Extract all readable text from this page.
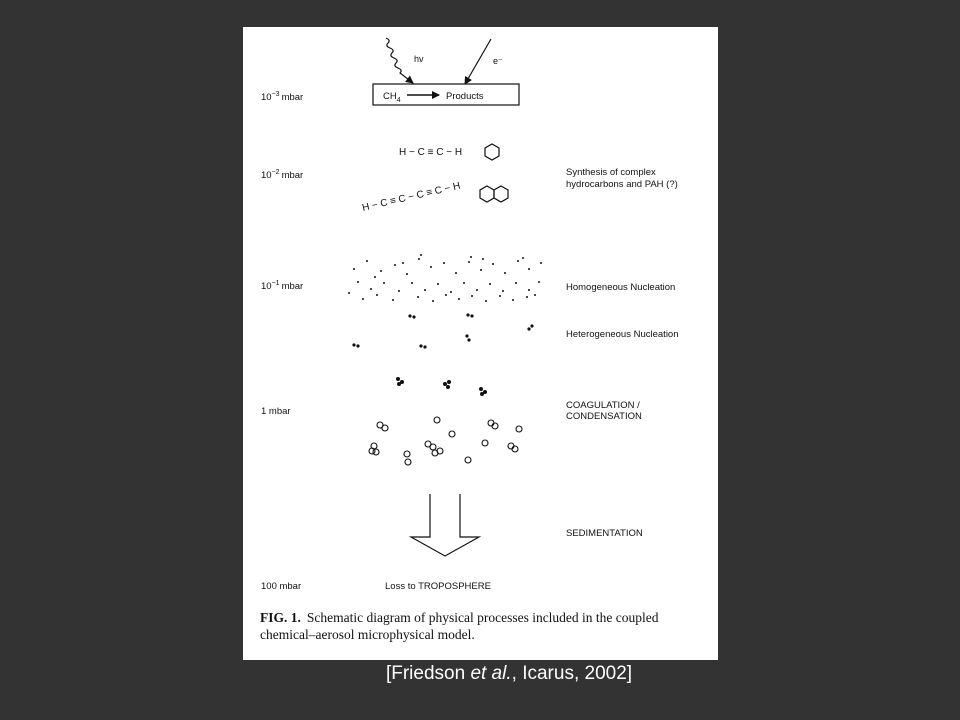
$10^{-3}$ mbar
$10^{-2}$ mbar
$10^{-1}$ mbar
1 mbar
100 mbar
hv	e⁻
$CH_4$	Products
H − C ≡ C − H
H − C ≡ C − C ≡ C − H
Synthesis of complex
hydrocarbons and PAH (?)
Homogeneous Nucleation
Heterogeneous Nucleation
COAGULATION /
CONDENSATION
SEDIMENTATION
Loss to TROPOSPHERE
FIG. 1. Schematic diagram of physical processes included in the coupled chemical–aerosol microphysical model.
[Friedson et al., Icarus, 2002]
